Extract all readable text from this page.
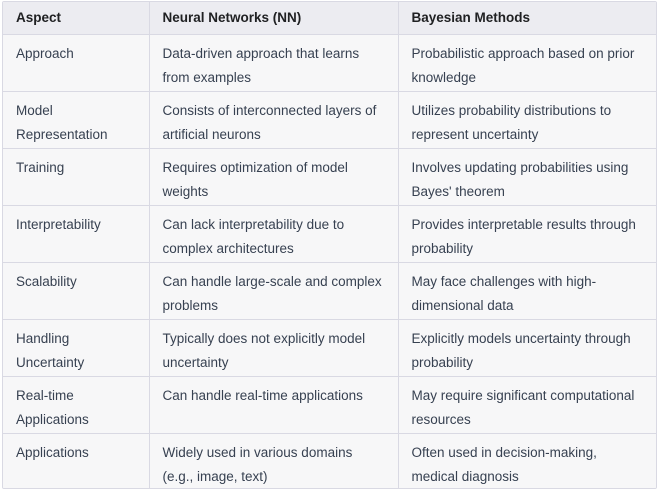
Aspect	Neural Networks (NN)	Bayesian Methods
Approach	Data-driven approach that learns from examples	Probabilistic approach based on prior knowledge
Model Representation	Consists of interconnected layers of artificial neurons	Utilizes probability distributions to represent uncertainty
Training	Requires optimization of model weights	Involves updating probabilities using Bayes' theorem
Interpretability	Can lack interpretability due to complex architectures	Provides interpretable results through probability
Scalability	Can handle large-scale and complex problems	May face challenges with high-dimensional data
Handling Uncertainty	Typically does not explicitly model uncertainty	Explicitly models uncertainty through probability
Real-time Applications	Can handle real-time applications	May require significant computational resources
Applications	Widely used in various domains (e.g., image, text)	Often used in decision-making, medical diagnosis
